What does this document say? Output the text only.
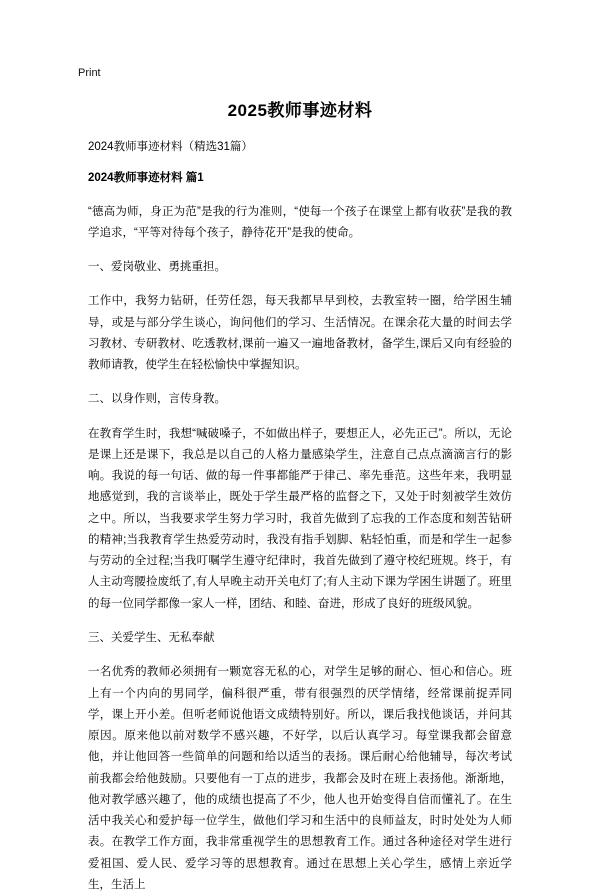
Print
2025教师事迹材料
2024教师事迹材料（精选31篇）
2024教师事迹材料 篇1

“德高为师，身正为范”是我的行为准则，“使每一个孩子在课堂上都有收获”是我的教学追求，“平等对待每个孩子，静待花开”是我的使命。

一、爱岗敬业、勇挑重担。

工作中，我努力钻研，任劳任怨，每天我都早早到校，去教室转一圈，给学困生辅导，或是与部分学生谈心，询问他们的学习、生活情况。在课余花大量的时间去学习教材、专研教材、吃透教材,课前一遍又一遍地备教材，备学生,课后又向有经验的教师请教，使学生在轻松愉快中掌握知识。

二、以身作则，言传身教。

在教育学生时，我想“喊破嗓子，不如做出样子，要想正人，必先正己”。所以，无论是课上还是课下，我总是以自己的人格力量感染学生，注意自己点点滴滴言行的影响。我说的每一句话、做的每一件事都能严于律己、率先垂范。这些年来，我明显地感觉到，我的言谈举止，既处于学生最严格的监督之下，又处于时刻被学生效仿之中。所以，当我要求学生努力学习时，我首先做到了忘我的工作态度和刻苦钻研的精神;当我教育学生热爱劳动时，我没有指手划脚、粘轻怕重，而是和学生一起参与劳动的全过程;当我叮嘱学生遵守纪律时，我首先做到了遵守校纪班规。终于，有人主动弯腰捡废纸了,有人早晚主动开关电灯了;有人主动下课为学困生讲题了。班里的每一位同学都像一家人一样，团结、和睦、奋进，形成了良好的班级风貌。

三、关爱学生、无私奉献

一名优秀的教师必须拥有一颗宽容无私的心，对学生足够的耐心、恒心和信心。班上有一个内向的男同学，偏科很严重，带有很强烈的厌学情绪，经常课前捉弄同学，课上开小差。但听老师说他语文成绩特别好。所以，课后我找他谈话，并问其原因。原来他以前对数学不感兴趣，不好学，以后认真学习。每堂课我都会留意他，并让他回答一些简单的问题和给以适当的表扬。课后耐心给他辅导，每次考试前我都会给他鼓励。只要他有一丁点的进步，我都会及时在班上表扬他。渐渐地，他对教学感兴趣了，他的成绩也提高了不少，他人也开始变得自信而懂礼了。在生活中我关心和爱护每一位学生，做他们学习和生活中的良师益友，时时处处为人师表。在教学工作方面，我非常重视学生的思想教育工作。通过各种途径对学生进行爱祖国、爱人民、爱学习等的思想教育。通过在思想上关心学生，感情上亲近学生，生活上
